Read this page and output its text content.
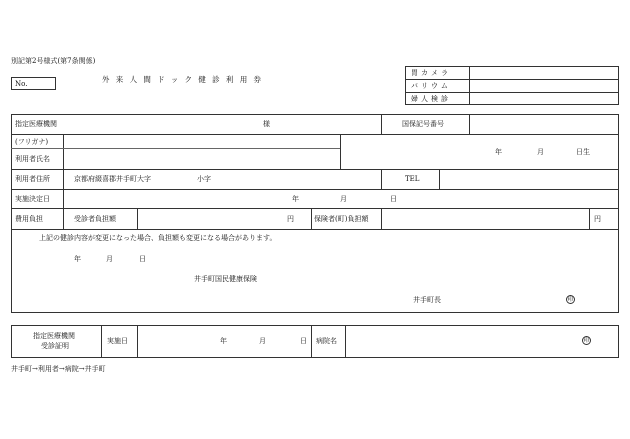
別記第2号様式(第7条関係)
No.	外来人間ドック健診利用券
胃カメラ
バリウム
婦人検診
指定医療機関	様	国保記号番号
(フリガナ)
利用者氏名
年	月	日生
利用者住所	京都府綴喜郡井手町大字	小字	TEL
実施決定日	年	月	日
費用負担	受診者負担額	円	保険者(町)負担額	円
上記の健診内容が変更になった場合、負担額も変更になる場合があります。
年	月	日
井手町国民健康保険
井手町長	印
指定医療機関
受診証明
実施日	年	月	日 病院名	印
井手町→利用者→病院→井手町
